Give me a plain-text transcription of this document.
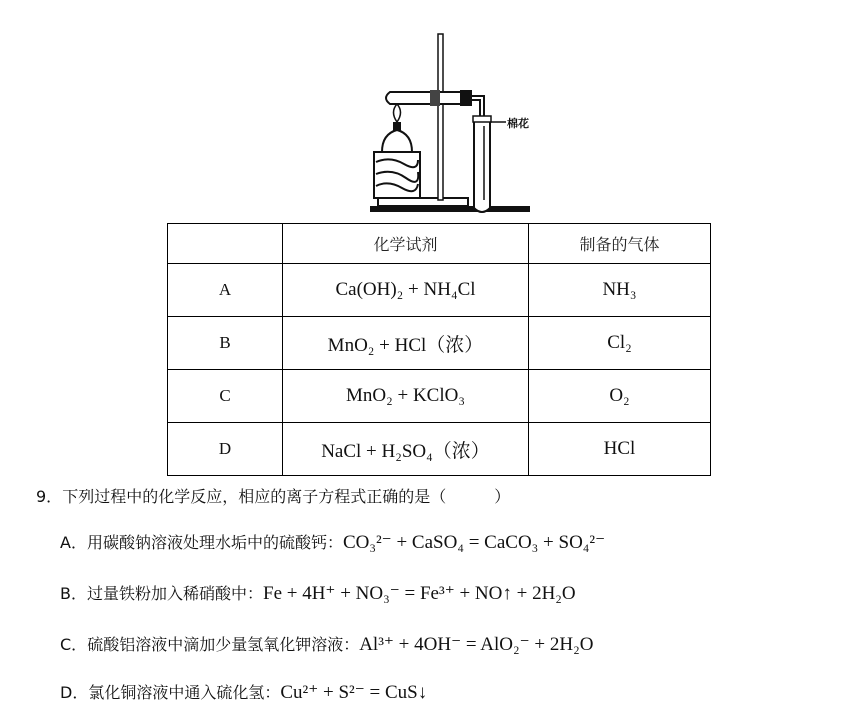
棉花
	化学试剂	制备的气体
A	Ca(OH)₂ + NH₄Cl	NH₃
B	MnO₂ + HCl（浓）	Cl₂
C	MnO₂ + KClO₃	O₂
D	NaCl + H₂SO₄（浓）	HCl
9．下列过程中的化学反应，相应的离子方程式正确的是（　　　）
A．用碳酸钠溶液处理水垢中的硫酸钙：CO₃²⁻ + CaSO₄ = CaCO₃ + SO₄²⁻
B．过量铁粉加入稀硝酸中：Fe + 4H⁺ + NO₃⁻ = Fe³⁺ + NO↑ + 2H₂O
C．硫酸铝溶液中滴加少量氢氧化钾溶液：Al³⁺ + 4OH⁻ = AlO₂⁻ + 2H₂O
D．氯化铜溶液中通入硫化氢：Cu²⁺ + S²⁻ = CuS↓
